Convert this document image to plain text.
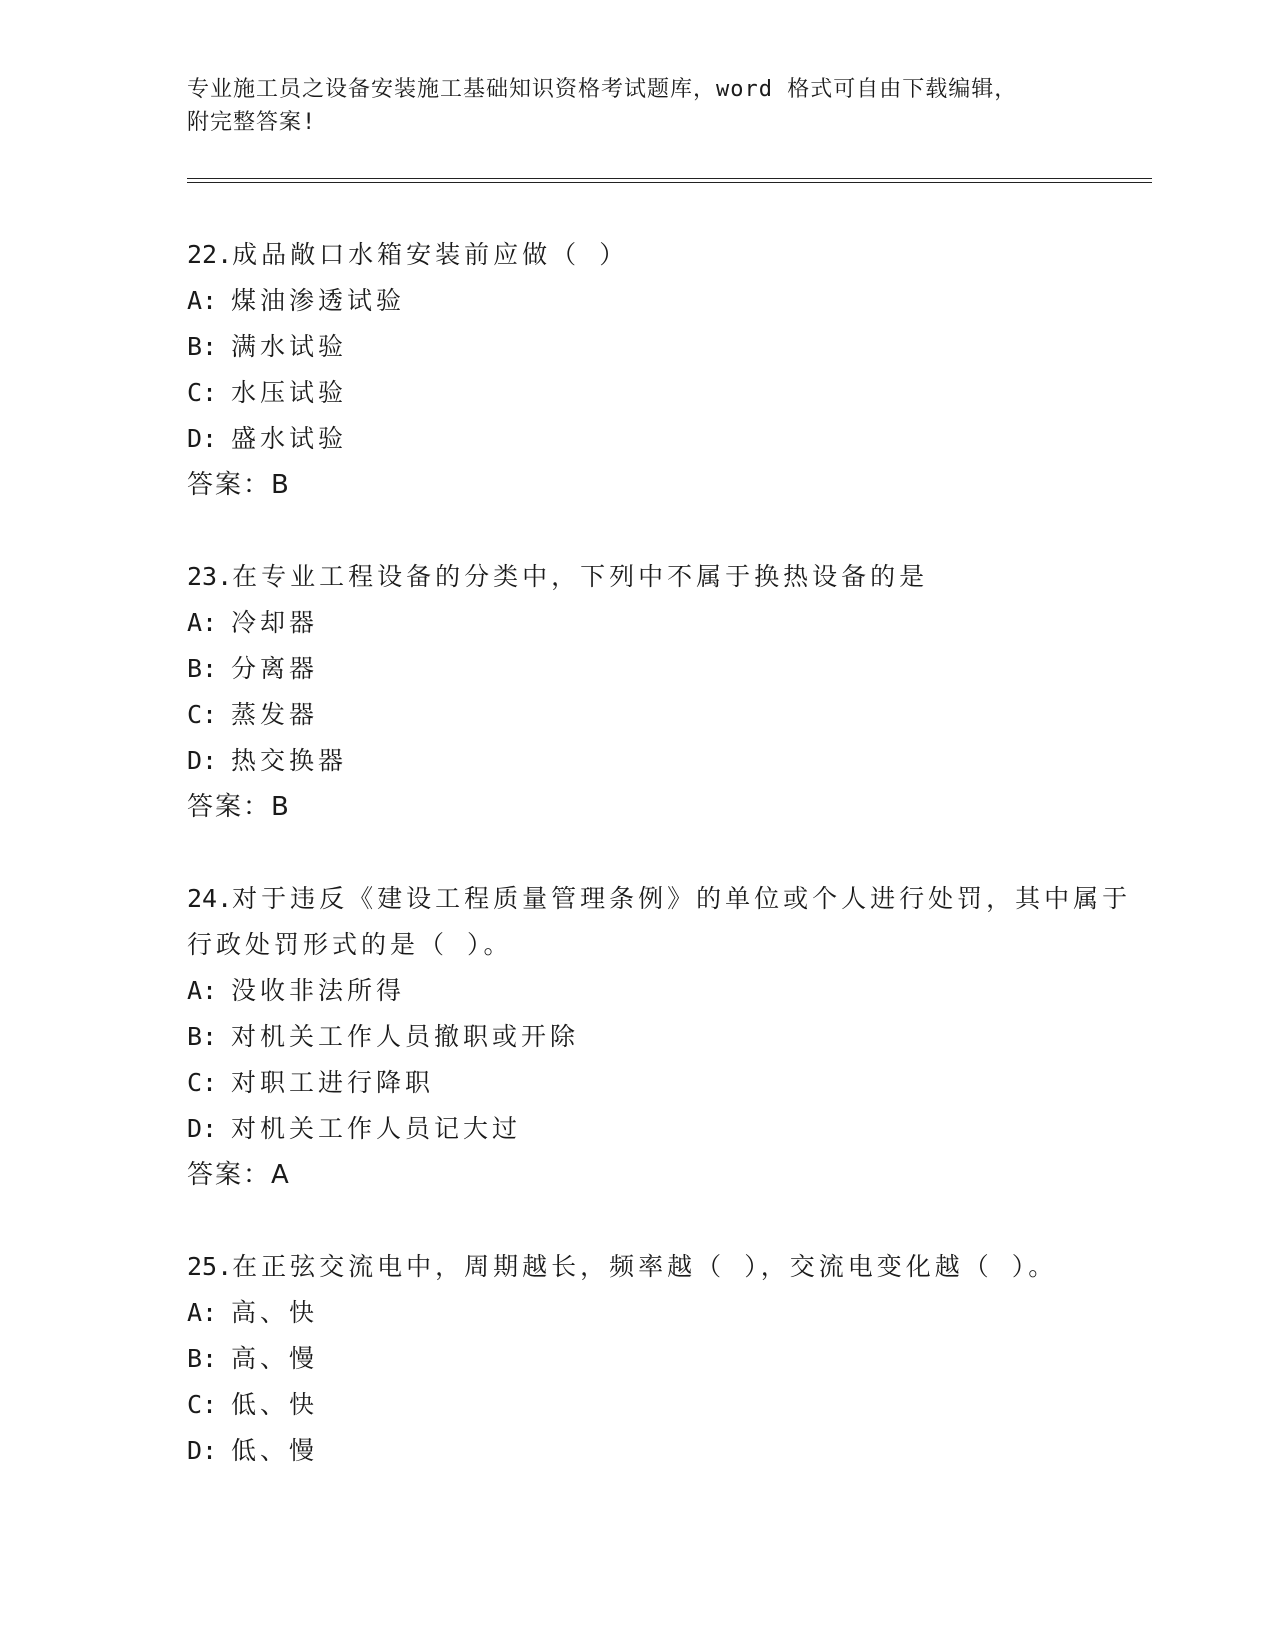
专业施工员之设备安装施工基础知识资格考试题库，word 格式可自由下载编辑，
附完整答案!
22.成品敞口水箱安装前应做（ ）
A: 煤油渗透试验
B: 满水试验
C: 水压试验
D: 盛水试验
答案：B
23.在专业工程设备的分类中，下列中不属于换热设备的是
A: 冷却器
B: 分离器
C: 蒸发器
D: 热交换器
答案：B
24.对于违反《建设工程质量管理条例》的单位或个人进行处罚，其中属于行政处罚形式的是（ ）。
A: 没收非法所得
B: 对机关工作人员撤职或开除
C: 对职工进行降职
D: 对机关工作人员记大过
答案：A
25.在正弦交流电中，周期越长，频率越（ ），交流电变化越（ ）。
A: 高、快
B: 高、慢
C: 低、快
D: 低、慢
